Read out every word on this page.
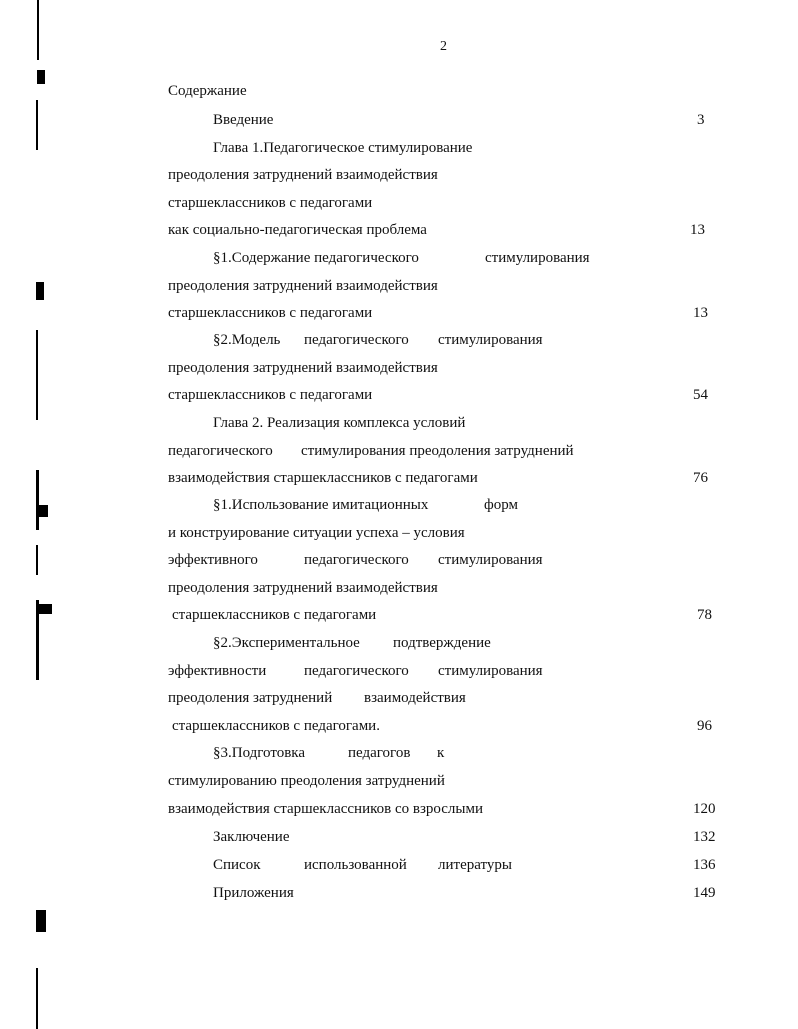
2
Содержание
Введение	3
Глава 1.Педагогическое стимулирование
преодоления затруднений взаимодействия
старшеклассников с педагогами
как социально-педагогическая проблема	13
§1.Содержание педагогического	стимулирования
преодоления затруднений взаимодействия
старшеклассников с педагогами	13
§2.Модель педагогического стимулирования
преодоления затруднений взаимодействия
старшеклассников с педагогами	54
Глава 2. Реализация комплекса условий
педагогического стимулирования преодоления затруднений
взаимодействия старшеклассников с педагогами	76
§1.Использование имитационных	форм
и конструирование ситуации успеха – условия
эффективного	педагогического стимулирования
преодоления затруднений взаимодействия
старшеклассников с педагогами	78
§2.Экспериментальное подтверждение
эффективности	педагогического стимулирования
преодоления затруднений взаимодействия
старшеклассников с педагогами.	96
§3.Подготовка	педагогов к
стимулированию преодоления затруднений
взаимодействия старшеклассников со взрослыми	120
Заключение	132
Список	использованной литературы	136
Приложения	149
